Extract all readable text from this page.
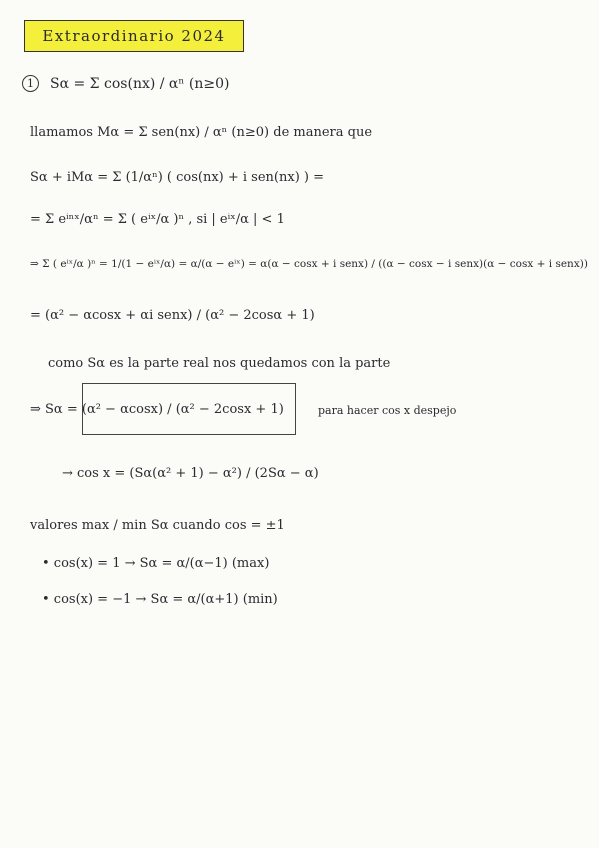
Extraordinario 2024
1 Sα = Σ cos(nx) / αⁿ (n≥0)
llamamos Mα = Σ sen(nx) / αⁿ (n≥0) de manera que
Sα + iMα = Σ (1/αⁿ) ( cos(nx) + i sen(nx) ) =
= Σ eⁱⁿˣ/αⁿ = Σ ( eⁱˣ/α )ⁿ , si | eⁱˣ/α | < 1
⇒ Σ ( eⁱˣ/α )ⁿ = 1/(1 − eⁱˣ/α) = α/(α − eⁱˣ) = α(α − cosx + i senx) / ((α − cosx − i senx)(α − cosx + i senx))
= (α² − αcosx + αi senx) / (α² − 2cosα + 1)
como Sα es la parte real nos quedamos con la parte
⇒ Sα = (α² − αcosx) / (α² − 2cosx + 1)	para hacer cos x despejo
→ cos x = (Sα(α² + 1) − α²) / (2Sα − α)
valores max / min Sα cuando cos = ±1
• cos(x) = 1 → Sα = α/(α−1) (max)
• cos(x) = −1 → Sα = α/(α+1) (min)
